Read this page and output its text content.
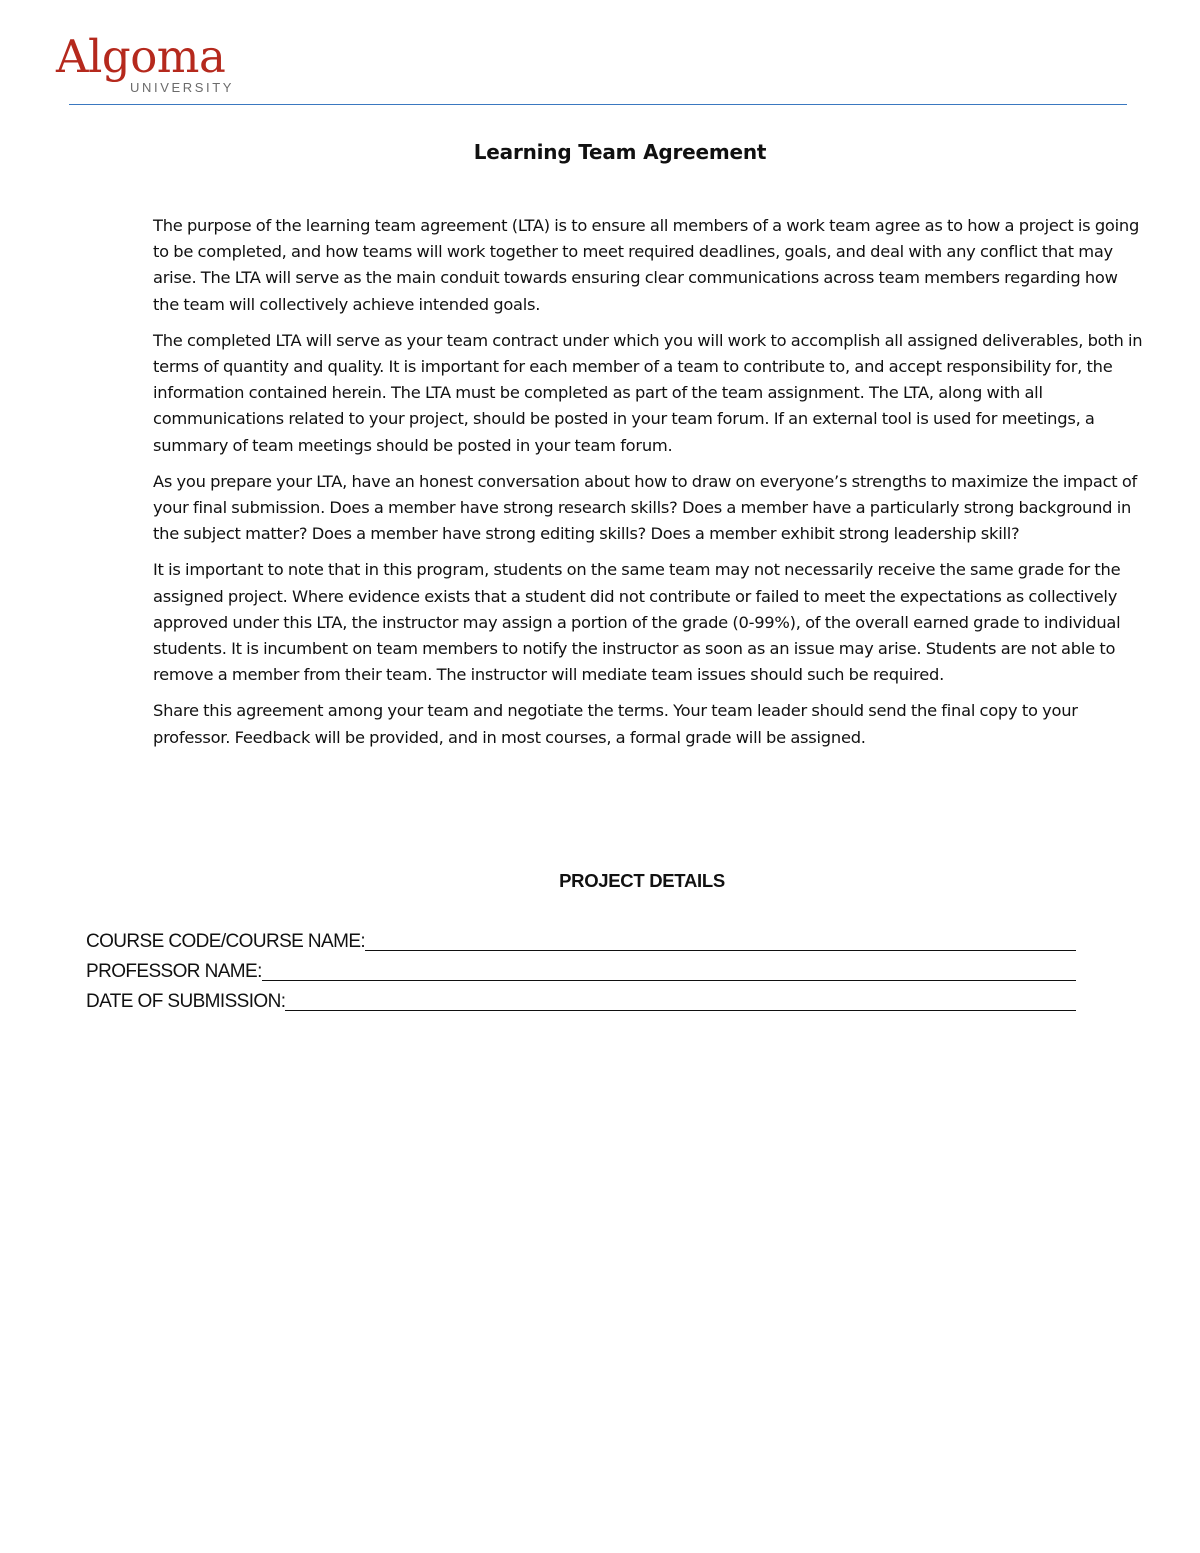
Algoma
UNIVERSITY
Learning Team Agreement

The purpose of the learning team agreement (LTA) is to ensure all members of a work team agree as to how a project is going to be completed, and how teams will work together to meet required deadlines, goals, and deal with any conflict that may arise. The LTA will serve as the main conduit towards ensuring clear communications across team members regarding how the team will collectively achieve intended goals.

The completed LTA will serve as your team contract under which you will work to accomplish all assigned deliverables, both in terms of quantity and quality. It is important for each member of a team to contribute to, and accept responsibility for, the information contained herein. The LTA must be completed as part of the team assignment. The LTA, along with all communications related to your project, should be posted in your team forum. If an external tool is used for meetings, a summary of team meetings should be posted in your team forum.

As you prepare your LTA, have an honest conversation about how to draw on everyone’s strengths to maximize the impact of your final submission. Does a member have strong research skills? Does a member have a particularly strong background in the subject matter? Does a member have strong editing skills? Does a member exhibit strong leadership skill?

It is important to note that in this program, students on the same team may not necessarily receive the same grade for the assigned project. Where evidence exists that a student did not contribute or failed to meet the expectations as collectively approved under this LTA, the instructor may assign a portion of the grade (0-99%), of the overall earned grade to individual students. It is incumbent on team members to notify the instructor as soon as an issue may arise. Students are not able to remove a member from their team. The instructor will mediate team issues should such be required.

Share this agreement among your team and negotiate the terms. Your team leader should send the final copy to your professor. Feedback will be provided, and in most courses, a formal grade will be assigned.

PROJECT DETAILS
COURSE CODE/COURSE NAME:
PROFESSOR NAME:
DATE OF SUBMISSION:
